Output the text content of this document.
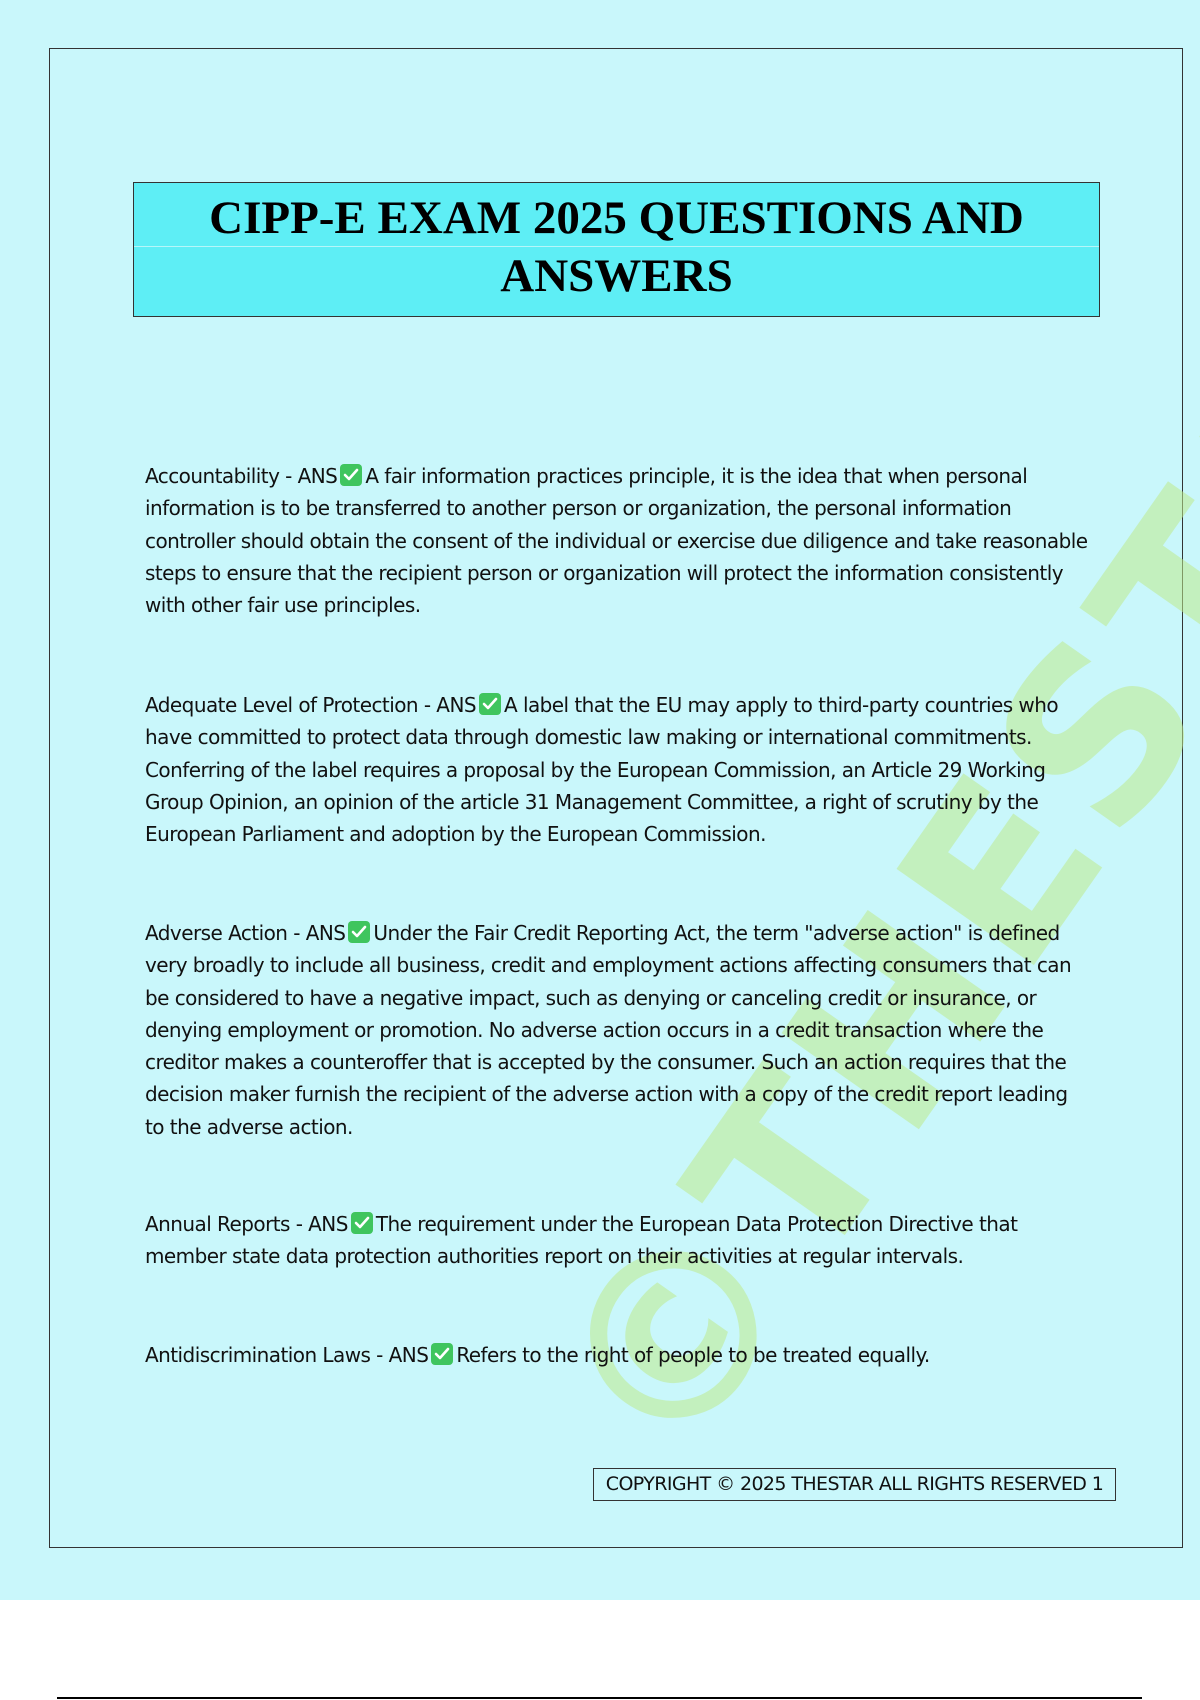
CIPP-E EXAM 2025 QUESTIONS AND

ANSWERS

Accountability - ANS A fair information practices principle, it is the idea that when personal information is to be transferred to another person or organization, the personal information controller should obtain the consent of the individual or exercise due diligence and take reasonable steps to ensure that the recipient person or organization will protect the information consistently with other fair use principles.

Adequate Level of Protection - ANS A label that the EU may apply to third-party countries who have committed to protect data through domestic law making or international commitments. Conferring of the label requires a proposal by the European Commission, an Article 29 Working Group Opinion, an opinion of the article 31 Management Committee, a right of scrutiny by the European Parliament and adoption by the European Commission.

Adverse Action - ANS Under the Fair Credit Reporting Act, the term "adverse action" is defined very broadly to include all business, credit and employment actions affecting consumers that can be considered to have a negative impact, such as denying or canceling credit or insurance, or denying employment or promotion. No adverse action occurs in a credit transaction where the creditor makes a counteroffer that is accepted by the consumer. Such an action requires that the decision maker furnish the recipient of the adverse action with a copy of the credit report leading to the adverse action.

Annual Reports - ANS The requirement under the European Data Protection Directive that member state data protection authorities report on their activities at regular intervals.

Antidiscrimination Laws - ANS Refers to the right of people to be treated equally.

COPYRIGHT © 2025 THESTAR ALL RIGHTS RESERVED 1
